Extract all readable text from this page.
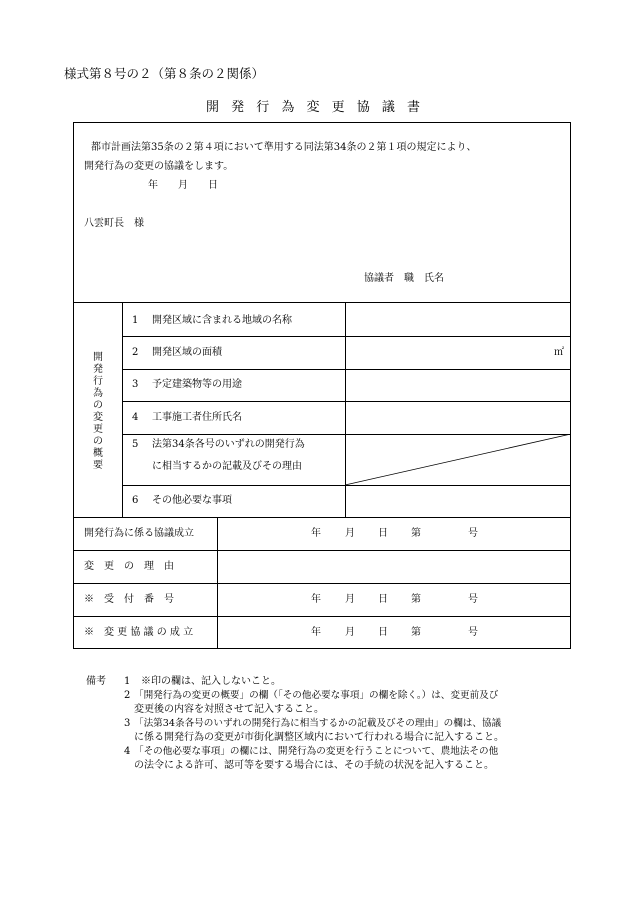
様式第８号の２（第８条の２関係）
開 発 行 為 変 更 協 議 書
都市計画法第35条の２第４項において準用する同法第34条の２第１項の規定により、
開発行為の変更の協議をします。
年　　月　　日
八雲町長　様
協議者　職　氏名
開発行為の変更の概要
1 開発区域に含まれる地域の名称
2 開発区域の面積	㎡
3 予定建築物等の用途
4 工事施工者住所氏名
5 法第34条各号のいずれの開発行為
に相当するかの記載及びその理由
6 その他必要な事項
開発行為に係る協議成立	年 月 日 第	号
変　更　の　理　由
※　受　付　番　号	年 月 日 第	号
※　変 更 協 議 の 成 立	年 月 日 第	号
備考 1 ※印の欄は、記入しないこと。
2 「開発行為の変更の概要」の欄（「その他必要な事項」の欄を除く。）は、変更前及び
変更後の内容を対照させて記入すること。
3 「法第34条各号のいずれの開発行為に相当するかの記載及びその理由」の欄は、協議
に係る開発行為の変更が市街化調整区域内において行われる場合に記入すること。
4 「その他必要な事項」の欄には、開発行為の変更を行うことについて、農地法その他
の法令による許可、認可等を要する場合には、その手続の状況を記入すること。
